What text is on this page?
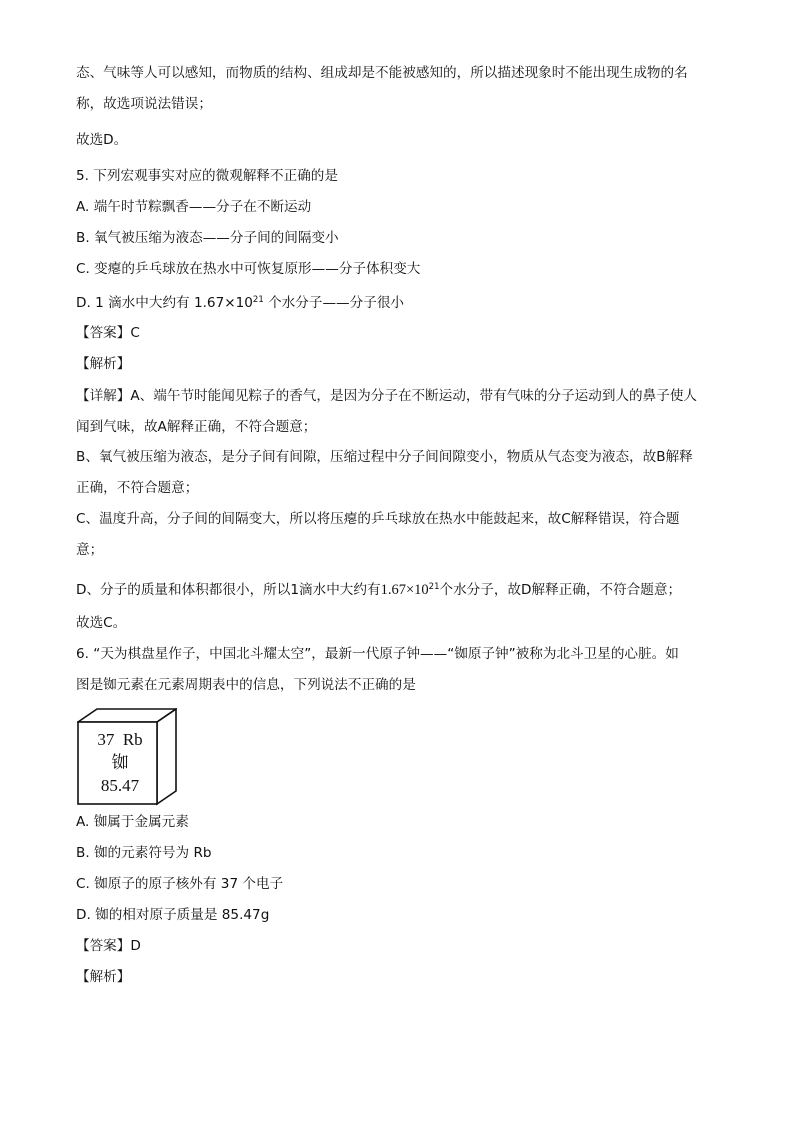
态、气味等人可以感知，而物质的结构、组成却是不能被感知的，所以描述现象时不能出现生成物的名
称，故选项说法错误；
故选D。
5. 下列宏观事实对应的微观解释不正确的是
A. 端午时节粽飘香——分子在不断运动
B. 氧气被压缩为液态——分子间的间隔变小
C. 变瘪的乒乓球放在热水中可恢复原形——分子体积变大
D. 1 滴水中大约有 $1.67\times 10^{21}$ 个水分子——分子很小
【答案】C
【解析】
【详解】A、端午节时能闻见粽子的香气，是因为分子在不断运动，带有气味的分子运动到人的鼻子使人
闻到气味，故A解释正确，不符合题意；
B、氧气被压缩为液态，是分子间有间隙，压缩过程中分子间间隙变小，物质从气态变为液态，故B解释
正确，不符合题意；
C、温度升高，分子间的间隔变大，所以将压瘪的乒乓球放在热水中能鼓起来，故C解释错误，符合题
意；
D、分子的质量和体积都很小，所以1滴水中大约有$1.67\times 10^{21}$个水分子，故D解释正确，不符合题意；
故选C。
6. “天为棋盘星作子，中国北斗耀太空”，最新一代原子钟——“铷原子钟”被称为北斗卫星的心脏。如
图是铷元素在元素周期表中的信息，下列说法不正确的是
37 Rb
铷
85.47
A. 铷属于金属元素
B. 铷的元素符号为 Rb
C. 铷原子的原子核外有 37 个电子
D. 铷的相对原子质量是 85.47g
【答案】D
【解析】
